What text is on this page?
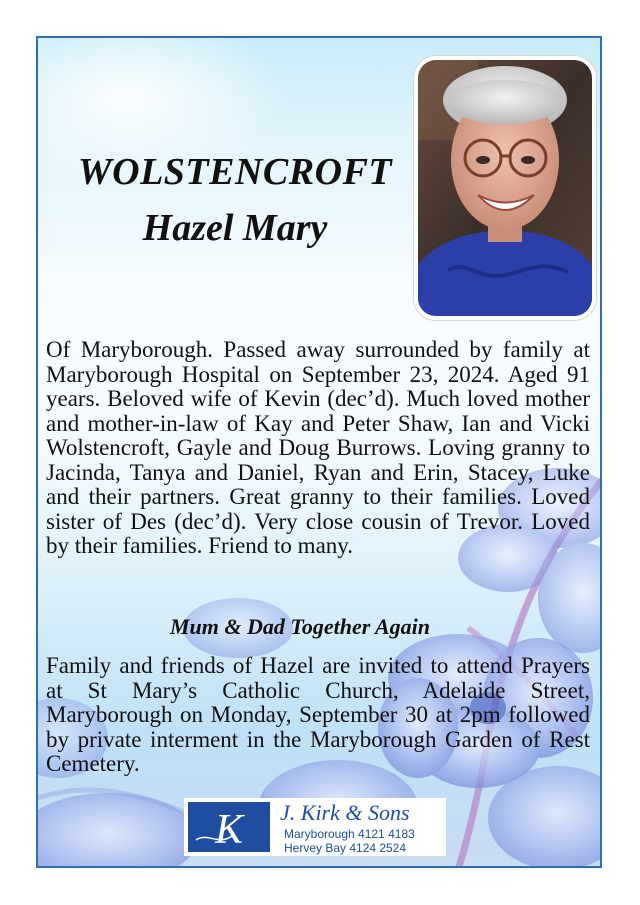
WOLSTENCROFT
Hazel Mary

Of Maryborough. Passed away surrounded by family at Maryborough Hospital on September 23, 2024. Aged 91 years. Beloved wife of Kevin (dec’d). Much loved mother and mother-in-law of Kay and Peter Shaw, Ian and Vicki Wolstencroft, Gayle and Doug Burrows. Loving granny to Jacinda, Tanya and Daniel, Ryan and Erin, Stacey, Luke and their partners. Great granny to their families. Loved sister of Des (dec’d). Very close cousin of Trevor. Loved by their families. Friend to many.

Mum & Dad Together Again

Family and friends of Hazel are invited to attend Prayers at St Mary’s Catholic Church, Adelaide Street, Maryborough on Monday, September 30 at 2pm followed by private interment in the Maryborough Garden of Rest Cemetery.

K J. Kirk & Sons
Maryborough 4121 4183
Hervey Bay 4124 2524
